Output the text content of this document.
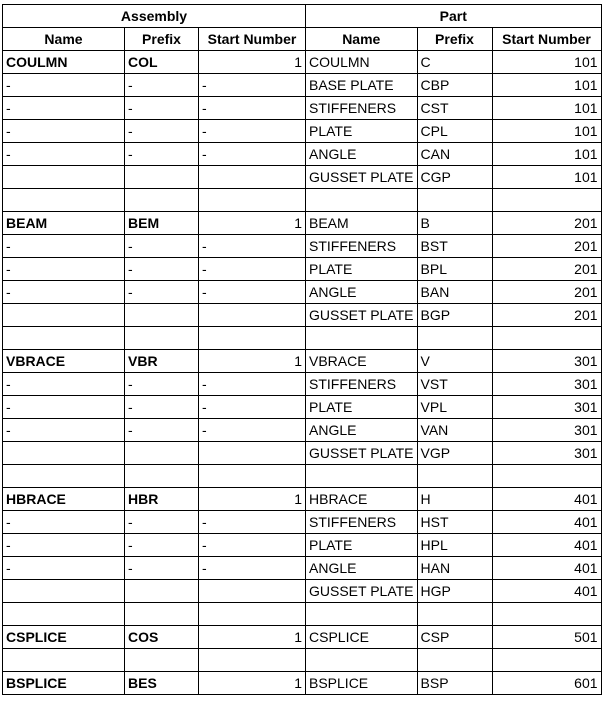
Assembly			Part		
Name	Prefix	Start Number	Name	Prefix	Start Number
COULMN	COL	1	COULMN	C	101
-	-	-	BASE PLATE	CBP	101
-	-	-	STIFFENERS	CST	101
-	-	-	PLATE	CPL	101
-	-	-	ANGLE	CAN	101
			GUSSET PLATE	CGP	101

BEAM	BEM	1	BEAM	B	201
-	-	-	STIFFENERS	BST	201
-	-	-	PLATE	BPL	201
-	-	-	ANGLE	BAN	201
			GUSSET PLATE	BGP	201

VBRACE	VBR	1	VBRACE	V	301
-	-	-	STIFFENERS	VST	301
-	-	-	PLATE	VPL	301
-	-	-	ANGLE	VAN	301
			GUSSET PLATE	VGP	301

HBRACE	HBR	1	HBRACE	H	401
-	-	-	STIFFENERS	HST	401
-	-	-	PLATE	HPL	401
-	-	-	ANGLE	HAN	401
			GUSSET PLATE	HGP	401

CSPLICE	COS	1	CSPLICE	CSP	501

BSPLICE	BES	1	BSPLICE	BSP	601
